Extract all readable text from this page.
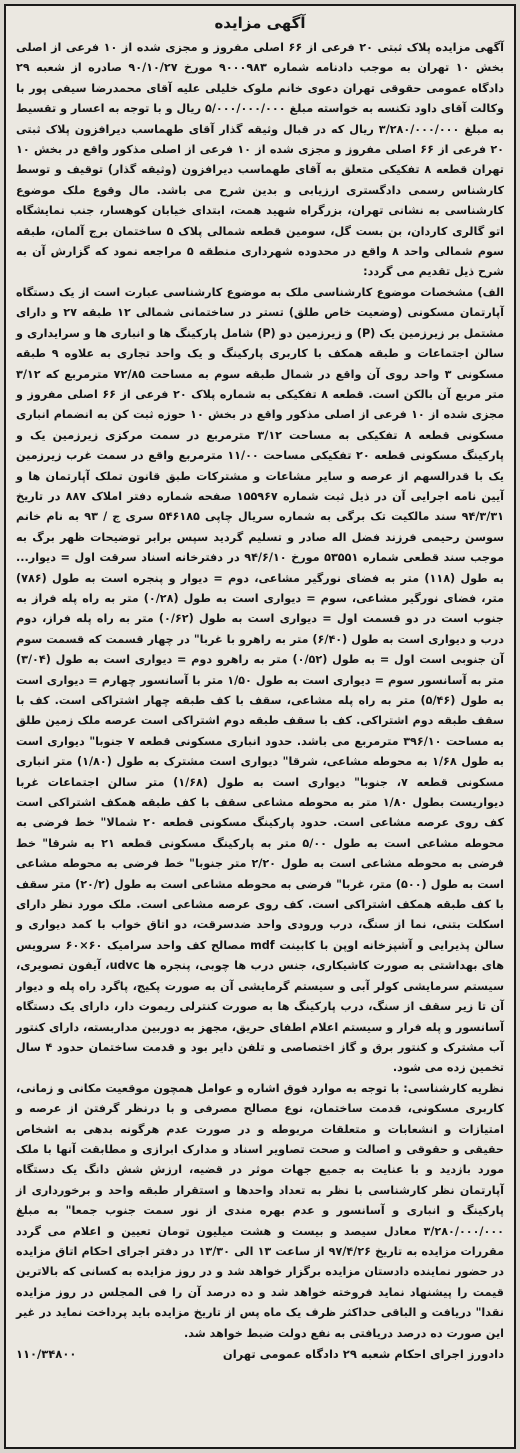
آگهی مزایده

آگهی مزایده پلاک ثبتی ۲۰ فرعی از ۶۶ اصلی مفروز و مجزی شده از ۱۰ فرعی از اصلی بخش ۱۰ تهران به موجب دادنامه شماره ۹۰۰۰۹۸۳ مورخ ۹۰/۱۰/۲۷ صادره از شعبه ۲۹ دادگاه عمومی حقوقی تهران دعوی خانم ملوک خلیلی علیه آقای محمدرضا سیفی پور با وکالت آقای داود تکنسه به خواسته مبلغ ۵/۰۰۰/۰۰۰/۰۰۰ ریال و با توجه به اعسار و تقسیط به مبلغ ۳/۲۸۰/۰۰۰/۰۰۰ ریال که در قبال وثیقه گذار آقای طهماسب دیرافزون پلاک ثبتی ۲۰ فرعی از ۶۶ اصلی مفروز و مجزی شده از ۱۰ فرعی از اصلی مذکور واقع در بخش ۱۰ تهران قطعه ۸ تفکیکی متعلق به آقای طهماسب دیرافزون (وثیقه گذار) توقیف و توسط کارشناس رسمی دادگستری ارزیابی و بدین شرح می باشد. مال وقوع ملک موضوع کارشناسی به نشانی تهران، بزرگراه شهید همت، ابتدای خیابان کوهسار، جنب نمایشگاه اتو گالری کاردان، بن بست گل، سومین قطعه شمالی پلاک ۵ ساختمان برج آلمان، طبقه سوم شمالی واحد ۸ واقع در محدوده شهرداری منطقه ۵ مراجعه نمود که گزارش آن به شرح ذیل تقدیم می گردد:

الف) مشخصات موضوع کارشناسی ملک به موضوع کارشناسی عبارت است از یک دستگاه آپارتمان مسکونی (وضعیت خاص طلق) تستر در ساختمانی شمالی ۱۲ طبقه ۲۷ و دارای مشتمل بر زیرزمین یک (P) و زیرزمین دو (P) شامل پارکینگ ها و انباری ها و سرایداری و سالن اجتماعات و طبقه همکف با کاربری پارکینگ و یک واحد تجاری به علاوه ۹ طبقه مسکونی ۳ واحد روی آن واقع در شمال طبقه سوم به مساحت ۷۲/۸۵ مترمربع که ۳/۱۲ متر مربع آن بالکن است. قطعه ۸ تفکیکی به شماره پلاک ۲۰ فرعی از ۶۶ اصلی مفروز و مجزی شده از ۱۰ فرعی از اصلی مذکور واقع در بخش ۱۰ حوزه ثبت کن به انضمام انباری مسکونی قطعه ۸ تفکیکی به مساحت ۳/۱۲ مترمربع در سمت مرکزی زیرزمین یک و پارکینگ مسکونی قطعه ۲۰ تفکیکی مساحت ۱۱/۰۰ مترمربع واقع در سمت غرب زیرزمین یک با قدرالسهم از عرصه و سایر مشاعات و مشترکات طبق قانون تملک آپارتمان ها و آیین نامه اجرایی آن در ذیل ثبت شماره ۱۵۵۹۶۷ صفحه شماره دفتر املاک ۸۸۷ در تاریخ ۹۴/۳/۳۱ سند مالکیت تک برگی به شماره سریال چاپی ۵۴۶۱۸۵ سری ج / ۹۳ به نام خانم سوسن رحیمی فرزند فضل اله صادر و تسلیم گردید سپس برابر توضیحات ظهر برگ به موجب سند قطعی شماره ۵۳۵۵۱ مورخ ۹۴/۶/۱۰ در دفترخانه اسناد سرقت اول = دیوار... به طول (۱۱۸) متر به فضای نورگیر مشاعی، دوم = دیوار و پنجره است به طول (۷۸۶) متر، فضای نورگیر مشاعی، سوم = دیواری است به طول (۰/۲۸) متر به راه پله فراز به جنوب است در دو قسمت اول = دیواری است به طول (۰/۶۲) متر به راه پله فراز، دوم درب و دیواری است به طول (۶/۴۰) متر به راهرو با غربا" در چهار قسمت که قسمت سوم آن جنوبی است اول = به طول (۰/۵۲) متر به راهرو دوم = دیواری است به طول (۳/۰۴) متر به آسانسور سوم = دیواری است به طول ۱/۵۰ متر با آسانسور چهارم = دیواری است به طول (۵/۴۶) متر به راه پله مشاعی، سقف با کف طبقه چهار اشتراکی است. کف با سقف طبقه دوم اشتراکی. کف با سقف طبقه دوم اشتراکی است عرصه ملک زمین طلق به مساحت ۳۹۶/۱۰ مترمربع می باشد. حدود انباری مسکونی قطعه ۷ جنوبا" دیواری است به طول ۱/۶۸ به محوطه مشاعی، شرقا" دیواری است مشترک به طول (۱/۸۰) متر انباری مسکونی قطعه ۷، جنوبا" دیواری است به طول (۱/۶۸) متر سالن اجتماعات غربا دیواریست بطول ۱/۸۰ متر به محوطه مشاعی سقف با کف طبقه همکف اشتراکی است کف روی عرصه مشاعی است. حدود پارکینگ مسکونی قطعه ۲۰ شمالا" خط فرضی به محوطه مشاعی است به طول ۵/۰۰ متر به پارکینگ مسکونی قطعه ۲۱ به شرقا" خط فرضی به محوطه مشاعی است به طول ۲/۲۰ متر جنوبا" خط فرضی به محوطه مشاعی است به طول (۵۰۰) متر، غربا" فرضی به محوطه مشاعی است به طول (۲۰/۲) متر سقف با کف طبقه همکف اشتراکی است. کف روی عرصه مشاعی است. ملک مورد نظر دارای اسکلت بتنی، نما از سنگ، درب ورودی واحد ضدسرقت، دو اتاق خواب با کمد دیواری و سالن پذیرایی و آشپزخانه اوپن با کابینت mdf مصالح کف واحد سرامیک ۶۰×۶۰ سرویس های بهداشتی به صورت کاشیکاری، جنس درب ها چوبی، پنجره ها udvc، آیفون تصویری، سیستم سرمایشی کولر آبی و سیستم گرمایشی آن به صورت پکیج، پاگرد راه پله و دیوار آن تا زیر سقف از سنگ، درب پارکینگ ها به صورت کنترلی ریموت دار، دارای یک دستگاه آسانسور و پله فرار و سیستم اعلام اطفای حریق، مجهز به دوربین مداربسته، دارای کنتور آب مشترک و کنتور برق و گاز اختصاصی و تلفن دایر بود و قدمت ساختمان حدود ۴ سال تخمین زده می شود.

نظریه کارشناسی: با توجه به موارد فوق اشاره و عوامل همچون موقعیت مکانی و زمانی، کاربری مسکونی، قدمت ساختمان، نوع مصالح مصرفی و با درنظر گرفتن از عرصه و امتیازات و انشعابات و متعلقات مربوطه و در صورت عدم هرگونه بدهی به اشخاص حقیقی و حقوقی و اصالت و صحت تصاویر اسناد و مدارک ابرازی و مطابقت آنها با ملک مورد بازدید و با عنایت به جمیع جهات موثر در قضیه، ارزش شش دانگ یک دستگاه آپارتمان نظر کارشناسی با نظر به تعداد واحدها و استقرار طبقه واحد و برخورداری از پارکینگ و انباری و آسانسور و عدم بهره مندی از نور سمت جنوب جمعا" به مبلغ ۳/۲۸۰/۰۰۰/۰۰۰ معادل سیصد و بیست و هشت میلیون تومان تعیین و اعلام می گردد مقررات مزایده به تاریخ ۹۷/۴/۲۶ از ساعت ۱۳ الی ۱۳/۳۰ در دفتر اجرای احکام اتاق مزایده در حضور نماینده دادستان مزایده برگزار خواهد شد و در روز مزایده به کسانی که بالاترین قیمت را پیشنهاد نماید فروخته خواهد شد و ده درصد آن را فی المجلس در روز مزایده نقدا" دریافت و الباقی حداکثر ظرف یک ماه پس از تاریخ مزایده باید پرداخت نماید در غیر این صورت ده درصد دریافتی به نفع دولت ضبط خواهد شد.

دادورز اجرای احکام شعبه ۲۹ دادگاه عمومی تهران
۱۱۰/۳۴۸۰۰
